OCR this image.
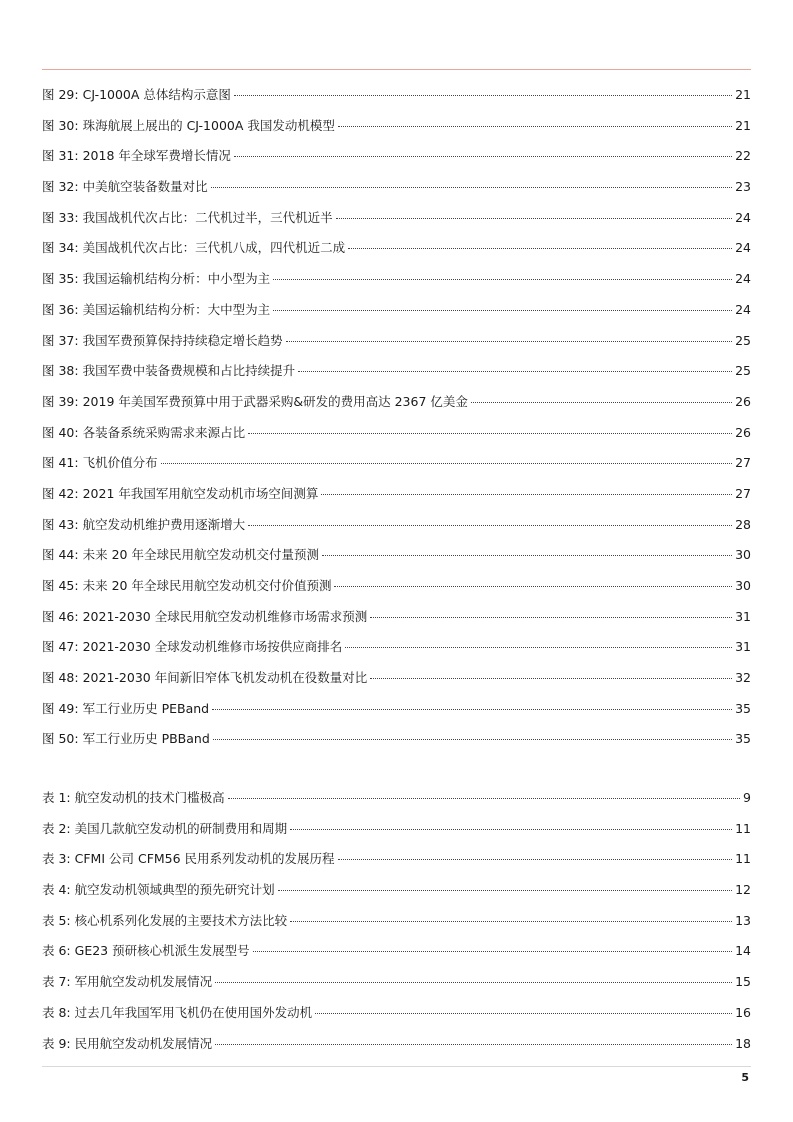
图 29: CJ-1000A 总体结构示意图	21
图 30: 珠海航展上展出的 CJ-1000A 我国发动机模型	21
图 31: 2018 年全球军费增长情况	22
图 32: 中美航空装备数量对比	23
图 33: 我国战机代次占比：二代机过半，三代机近半	24
图 34: 美国战机代次占比：三代机八成，四代机近二成	24
图 35: 我国运输机结构分析：中小型为主	24
图 36: 美国运输机结构分析：大中型为主	24
图 37: 我国军费预算保持持续稳定增长趋势	25
图 38: 我国军费中装备费规模和占比持续提升	25
图 39: 2019 年美国军费预算中用于武器采购&研发的费用高达 2367 亿美金	26
图 40: 各装备系统采购需求来源占比	26
图 41: 飞机价值分布	27
图 42: 2021 年我国军用航空发动机市场空间测算	27
图 43: 航空发动机维护费用逐渐增大	28
图 44: 未来 20 年全球民用航空发动机交付量预测	30
图 45: 未来 20 年全球民用航空发动机交付价值预测	30
图 46: 2021-2030 全球民用航空发动机维修市场需求预测	31
图 47: 2021-2030 全球发动机维修市场按供应商排名	31
图 48: 2021-2030 年间新旧窄体飞机发动机在役数量对比	32
图 49: 军工行业历史 PEBand	35
图 50: 军工行业历史 PBBand	35
表 1: 航空发动机的技术门槛极高	9
表 2: 美国几款航空发动机的研制费用和周期	11
表 3: CFMI 公司 CFM56 民用系列发动机的发展历程	11
表 4: 航空发动机领域典型的预先研究计划	12
表 5: 核心机系列化发展的主要技术方法比较	13
表 6: GE23 预研核心机派生发展型号	14
表 7: 军用航空发动机发展情况	15
表 8: 过去几年我国军用飞机仍在使用国外发动机	16
表 9: 民用航空发动机发展情况	18
5
